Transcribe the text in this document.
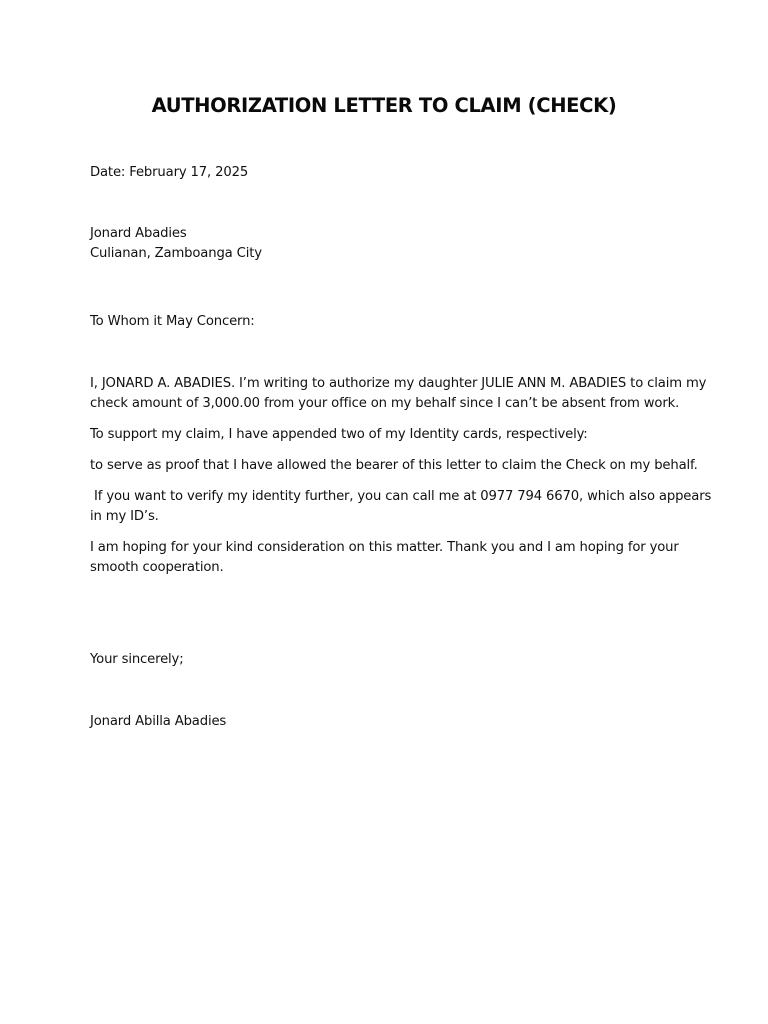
AUTHORIZATION LETTER TO CLAIM (CHECK)

Date: February 17, 2025

Jonard Abadies

Culianan, Zamboanga City

To Whom it May Concern:

I, JONARD A. ABADIES. I’m writing to authorize my daughter JULIE ANN M. ABADIES to claim my

check amount of 3,000.00 from your office on my behalf since I can’t be absent from work.

To support my claim, I have appended two of my Identity cards, respectively:

to serve as proof that I have allowed the bearer of this letter to claim the Check on my behalf.

If you want to verify my identity further, you can call me at 0977 794 6670, which also appears

in my ID’s.

I am hoping for your kind consideration on this matter. Thank you and I am hoping for your

smooth cooperation.

Your sincerely;

Jonard Abilla Abadies
